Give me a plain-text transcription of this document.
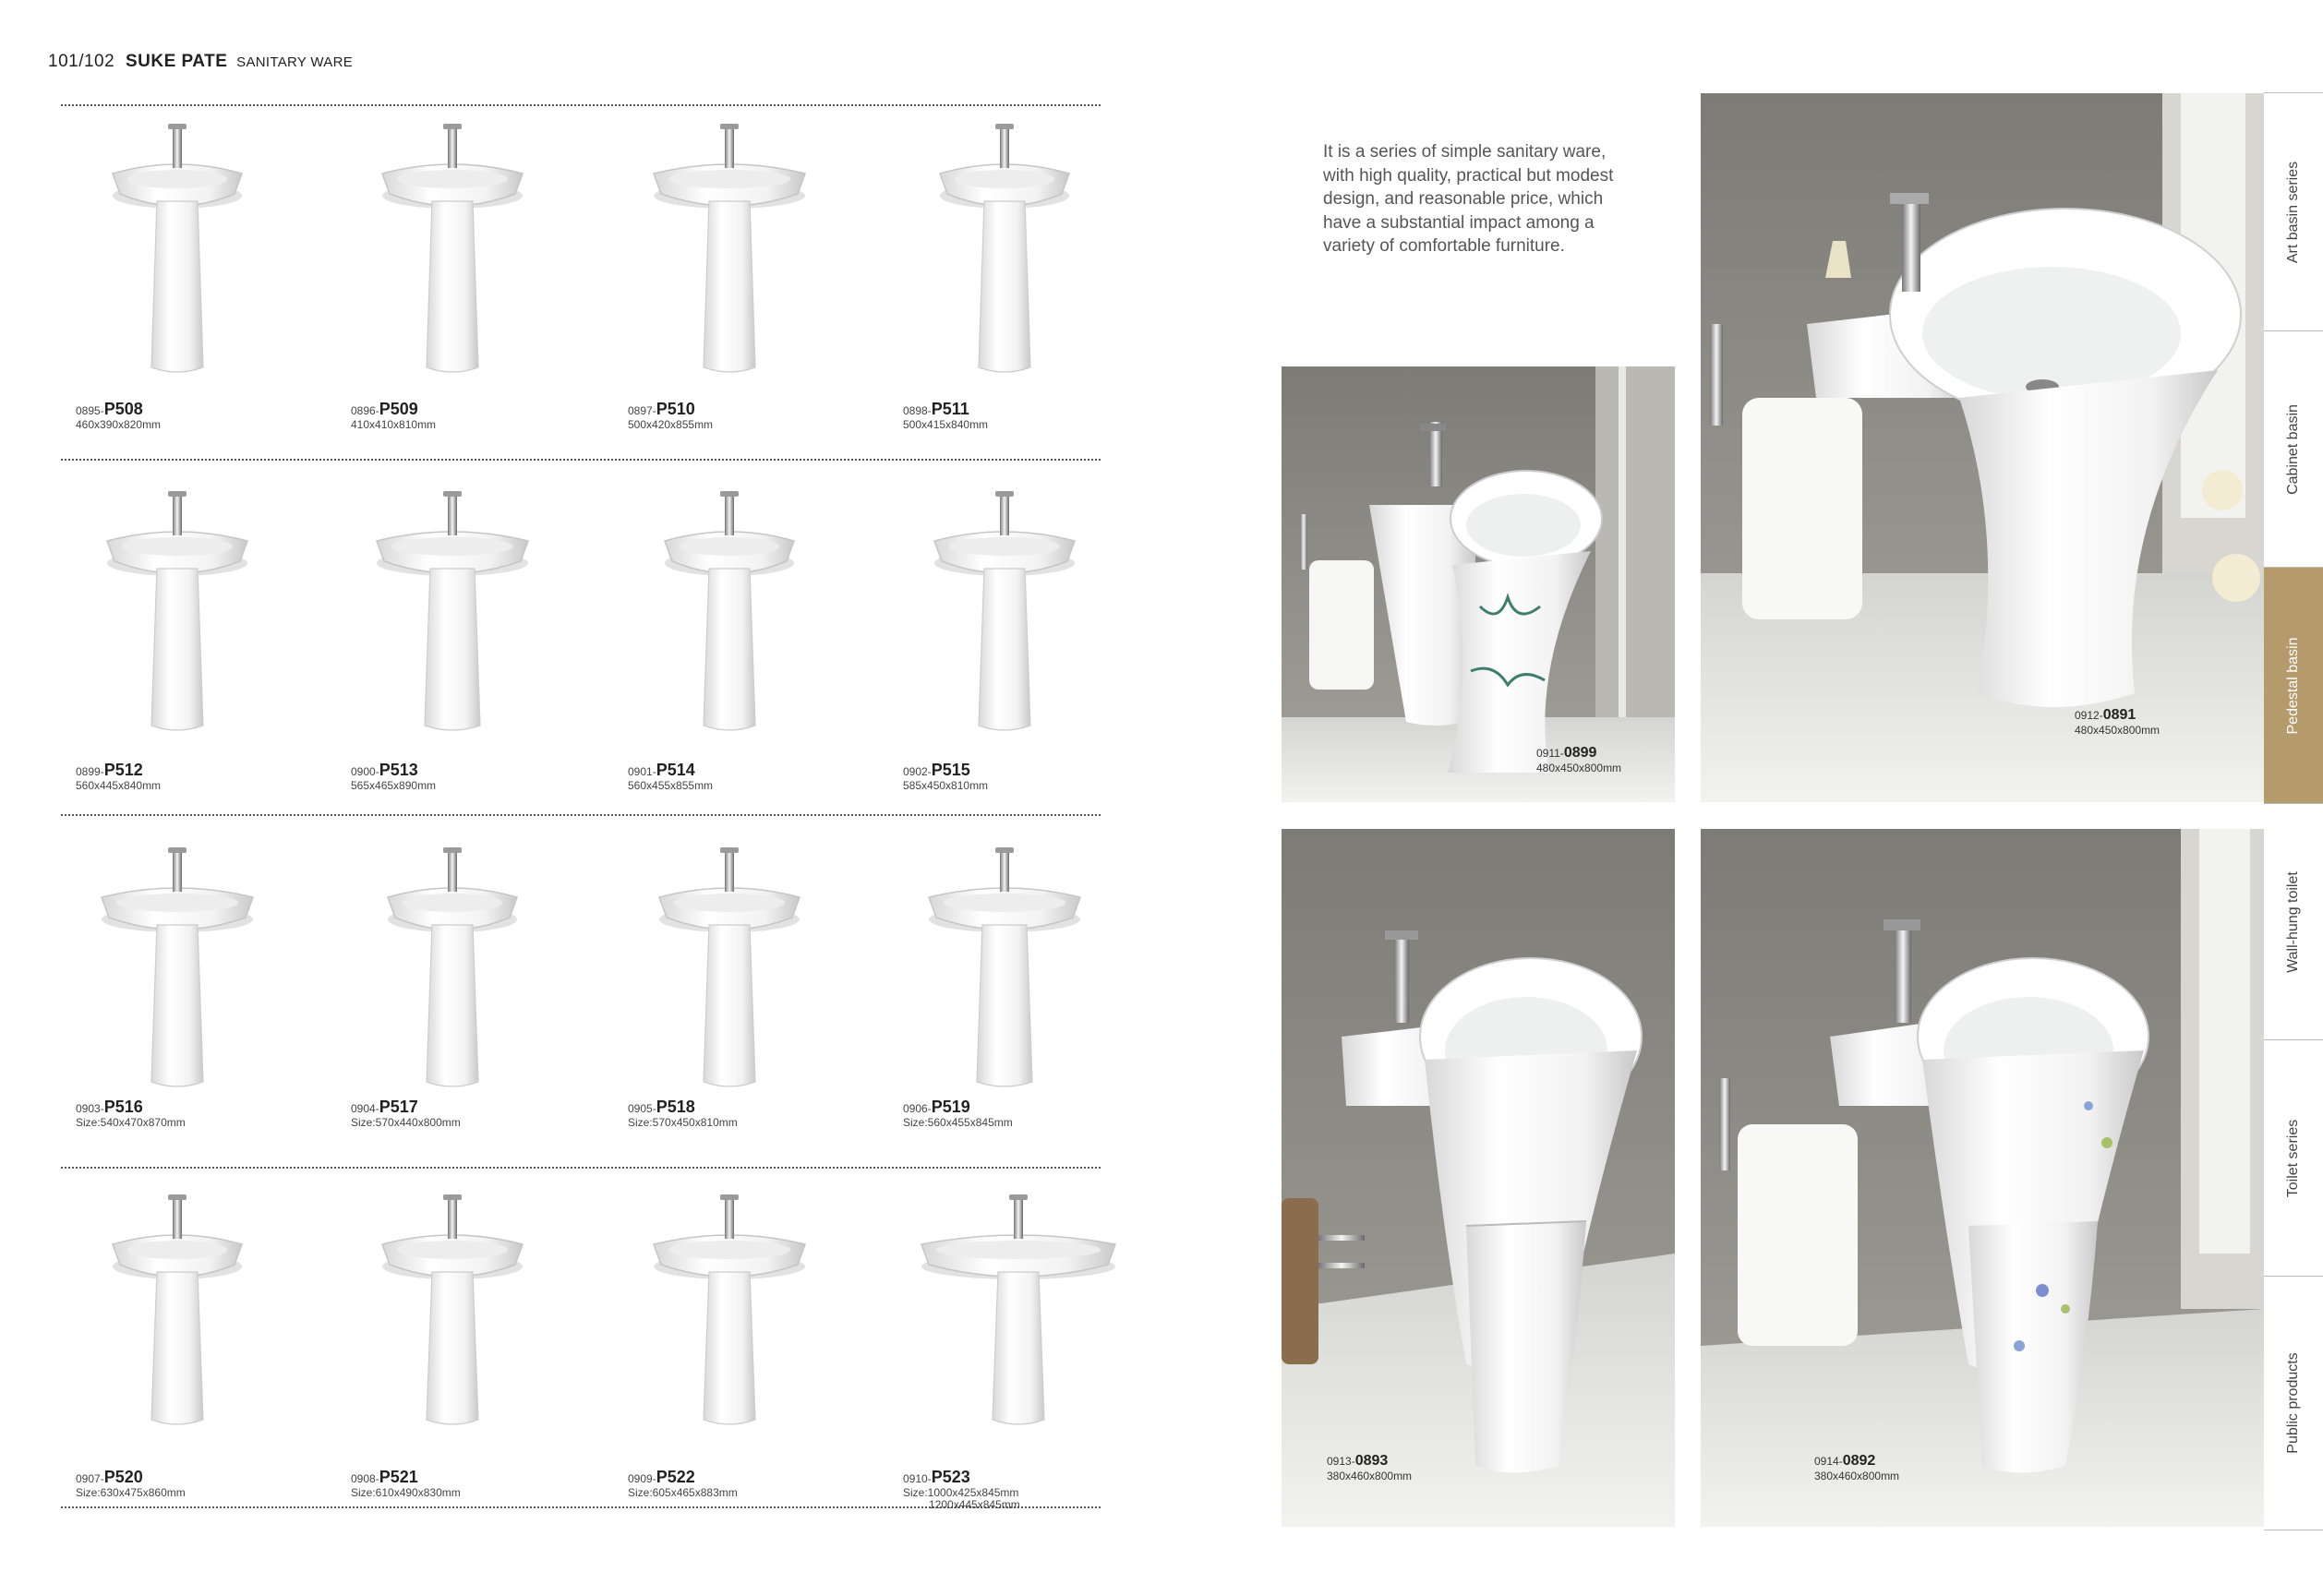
101/102 SUKE PATE SANITARY WARE
0895-P508
460x390x820mm
0896-P509
410x410x810mm
0897-P510
500x420x855mm
0898-P511
500x415x840mm
0899-P512
560x445x840mm
0900-P513
565x465x890mm
0901-P514
560x455x855mm
0902-P515
585x450x810mm
0903-P516
Size:540x470x870mm
0904-P517
Size:570x440x800mm
0905-P518
Size:570x450x810mm
0906-P519
Size:560x455x845mm
0907-P520
Size:630x475x860mm
0908-P521
Size:610x490x830mm
0909-P522
Size:605x465x883mm
0910-P523
Size:1000x425x845mm
1200x445x845mm
It is a series of simple sanitary ware, with high quality, practical but modest design, and reasonable price, which have a substantial impact among a variety of comfortable furniture.
0911-0899
480x450x800mm
0912-0891
480x450x800mm
0913-0893
380x460x800mm
0914-0892
380x460x800mm
Art basin series
Cabinet basin
Pedestal basin
Wall-hung toilet
Toilet series
Public products
